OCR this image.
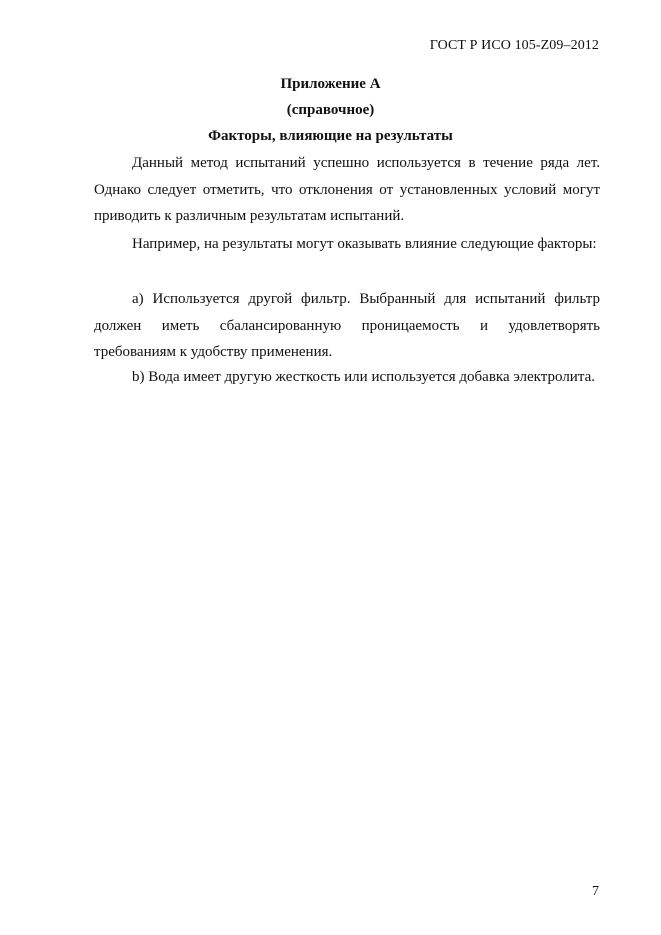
ГОСТ Р ИСО 105-Z09–2012
Приложение А
(справочное)
Факторы, влияющие на результаты

Данный метод испытаний успешно используется в течение ряда лет. Однако следует отметить, что отклонения от установленных условий могут приводить к различным результатам испытаний.

Например, на результаты могут оказывать влияние следующие факторы:

a) Используется другой фильтр. Выбранный для испытаний фильтр должен иметь сбалансированную проницаемость и удовлетворять требованиям к удобству применения.

b) Вода имеет другую жесткость или используется добавка электролита.

7
